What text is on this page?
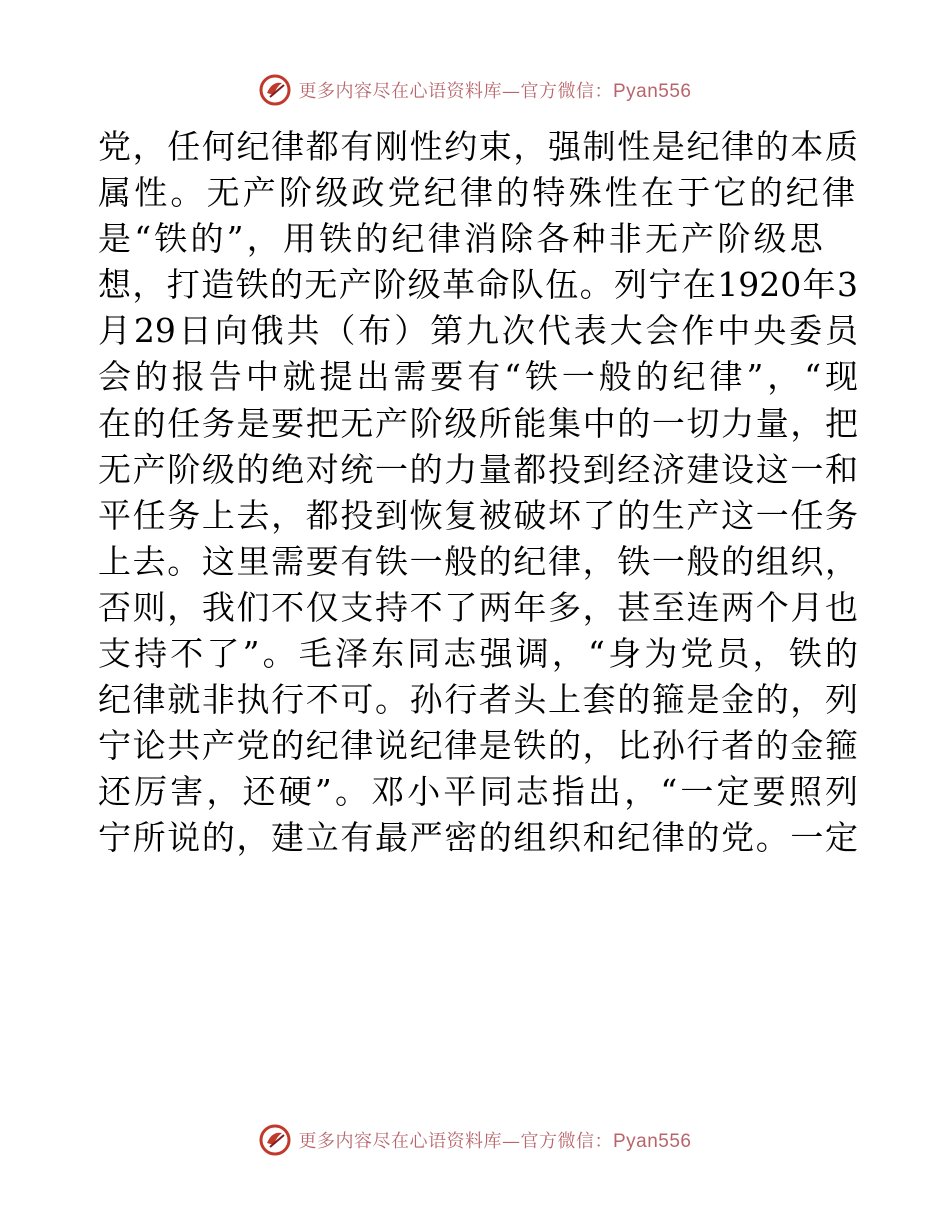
更多内容尽在心语资料库—官方微信：Pyan556
党，任何纪律都有刚性约束，强制性是纪律的本质
属性。无产阶级政党纪律的特殊性在于它的纪律
是“铁的”，用铁的纪律消除各种非无产阶级思
想，打造铁的无产阶级革命队伍。列宁在1920年3
月29日向俄共（布）第九次代表大会作中央委员
会的报告中就提出需要有“铁一般的纪律”，“现
在的任务是要把无产阶级所能集中的一切力量，把
无产阶级的绝对统一的力量都投到经济建设这一和
平任务上去，都投到恢复被破坏了的生产这一任务
上去。这里需要有铁一般的纪律，铁一般的组织，
否则，我们不仅支持不了两年多，甚至连两个月也
支持不了”。毛泽东同志强调，“身为党员，铁的
纪律就非执行不可。孙行者头上套的箍是金的，列
宁论共产党的纪律说纪律是铁的，比孙行者的金箍
还厉害，还硬”。邓小平同志指出，“一定要照列
宁所说的，建立有最严密的组织和纪律的党。一定
更多内容尽在心语资料库—官方微信：Pyan556
